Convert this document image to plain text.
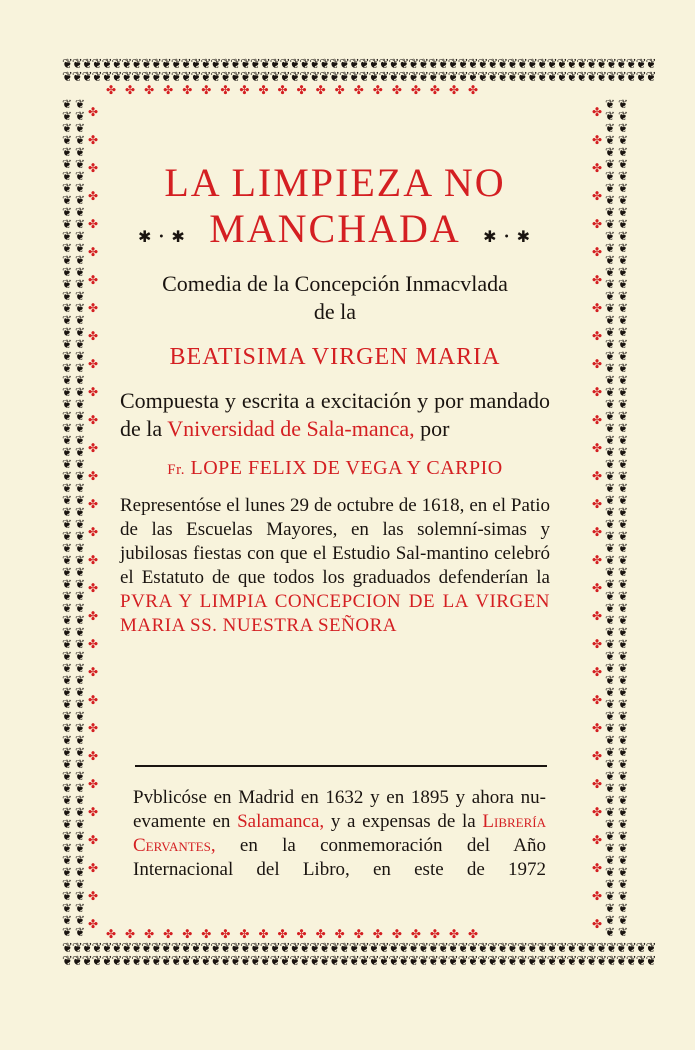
❦❦❦❦❦❦❦❦❦❦❦❦❦❦❦❦❦❦❦❦❦❦❦❦❦❦❦❦❦❦❦❦❦❦❦❦❦❦❦❦❦❦❦❦❦❦❦❦❦❦❦❦❦❦❦❦❦❦❦❦
❦❦❦❦❦❦❦❦❦❦❦❦❦❦❦❦❦❦❦❦❦❦❦❦❦❦❦❦❦❦❦❦❦❦❦❦❦❦❦❦❦❦❦❦❦❦❦❦❦❦❦❦❦❦❦❦❦❦❦❦
✤✤✤✤✤✤✤✤✤✤✤✤✤✤✤✤✤✤✤✤
✤✤✤✤✤✤✤✤✤✤✤✤✤✤✤✤✤✤✤✤
❦❦❦❦❦❦❦❦❦❦❦❦❦❦❦❦❦❦❦❦❦❦❦❦❦❦❦❦❦❦❦❦❦❦❦❦❦❦❦❦❦❦❦❦❦❦❦❦❦❦❦❦❦❦❦❦❦❦❦❦
❦❦❦❦❦❦❦❦❦❦❦❦❦❦❦❦❦❦❦❦❦❦❦❦❦❦❦❦❦❦❦❦❦❦❦❦❦❦❦❦❦❦❦❦❦❦❦❦❦❦❦❦❦❦❦❦❦❦❦❦
❦❦❦❦❦❦❦❦❦❦❦❦❦❦❦❦❦❦❦❦❦❦❦❦❦❦❦❦❦❦❦❦❦❦❦❦❦❦❦❦❦❦❦❦❦❦❦❦❦❦❦❦❦❦❦❦❦❦❦❦❦❦❦❦❦❦❦❦❦❦❦❦❦❦❦❦❦❦❦❦❦❦❦❦❦❦❦❦❦❦❦❦❦❦❦❦❦❦❦❦❦❦❦❦❦❦❦❦❦❦❦❦❦❦❦❦❦❦❦❦❦❦❦❦❦❦❦❦❦❦❦❦❦❦❦❦❦❦❦❦✤✤✤✤✤✤✤✤✤✤✤✤✤✤✤✤✤✤✤✤✤✤✤✤✤✤✤✤✤✤
✤✤✤✤✤✤✤✤✤✤✤✤✤✤✤✤✤✤✤✤✤✤✤✤✤✤✤✤✤✤❦❦❦❦❦❦❦❦❦❦❦❦❦❦❦❦❦❦❦❦❦❦❦❦❦❦❦❦❦❦❦❦❦❦❦❦❦❦❦❦❦❦❦❦❦❦❦❦❦❦❦❦❦❦❦❦❦❦❦❦❦❦❦❦❦❦❦❦❦❦❦❦❦❦❦❦❦❦❦❦❦❦❦❦❦❦❦❦❦❦❦❦❦❦❦❦❦❦❦❦❦❦❦❦❦❦❦❦❦❦❦❦❦❦❦❦❦❦❦❦❦❦❦❦❦❦❦❦❦❦❦❦❦❦❦❦❦❦❦❦
LA LIMPIEZA NO
✱・✱ MANCHADA ✱・✱
Comedia de la Concepción Inmacvlada
de la
BEATISIMA VIRGEN MARIA
Compuesta y escrita a excitación y por mandado de la Vniversidad de Sala-manca, por
Fr. LOPE FELIX DE VEGA Y CARPIO
Representóse el lunes 29 de octubre de 1618, en el Patio de las Escuelas Mayores, en las solemní-simas y jubilosas fiestas con que el Estudio Sal-mantino celebró el Estatuto de que todos los graduados defenderían la PVRA Y LIMPIA CONCEPCION DE LA VIRGEN MARIA SS. NUESTRA SEÑORA
Pvblicóse en Madrid en 1632 y en 1895 y ahora nu-evamente en Salamanca, y a expensas de la Librería Cervantes, en la conmemoración del Año Internacional del Libro, en este de 1972
